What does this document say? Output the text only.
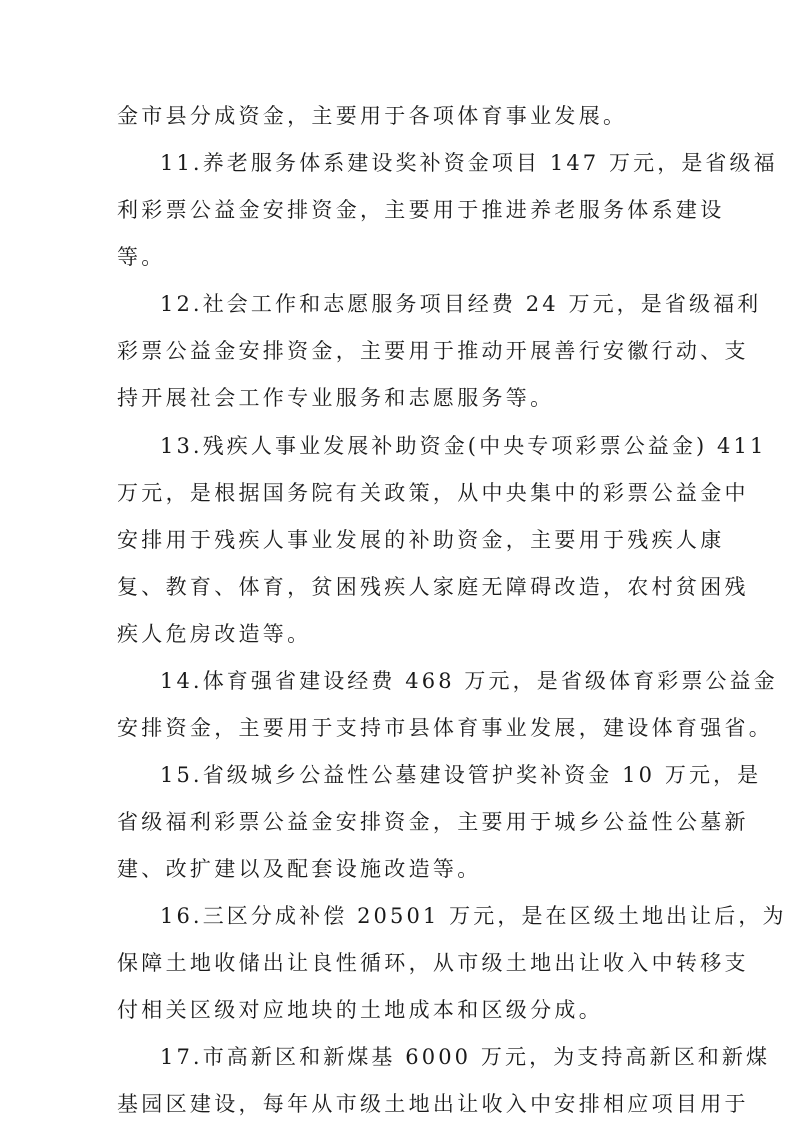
金市县分成资金，主要用于各项体育事业发展。
11.养老服务体系建设奖补资金项目 147 万元，是省级福
利彩票公益金安排资金，主要用于推进养老服务体系建设
等。
12.社会工作和志愿服务项目经费 24 万元，是省级福利
彩票公益金安排资金，主要用于推动开展善行安徽行动、支
持开展社会工作专业服务和志愿服务等。
13.残疾人事业发展补助资金(中央专项彩票公益金) 411
万元，是根据国务院有关政策，从中央集中的彩票公益金中
安排用于残疾人事业发展的补助资金，主要用于残疾人康
复、教育、体育，贫困残疾人家庭无障碍改造，农村贫困残
疾人危房改造等。
14.体育强省建设经费 468 万元，是省级体育彩票公益金
安排资金，主要用于支持市县体育事业发展，建设体育强省。
15.省级城乡公益性公墓建设管护奖补资金 10 万元，是
省级福利彩票公益金安排资金，主要用于城乡公益性公墓新
建、改扩建以及配套设施改造等。
16.三区分成补偿 20501 万元，是在区级土地出让后，为
保障土地收储出让良性循环，从市级土地出让收入中转移支
付相关区级对应地块的土地成本和区级分成。
17.市高新区和新煤基 6000 万元，为支持高新区和新煤
基园区建设，每年从市级土地出让收入中安排相应项目用于
